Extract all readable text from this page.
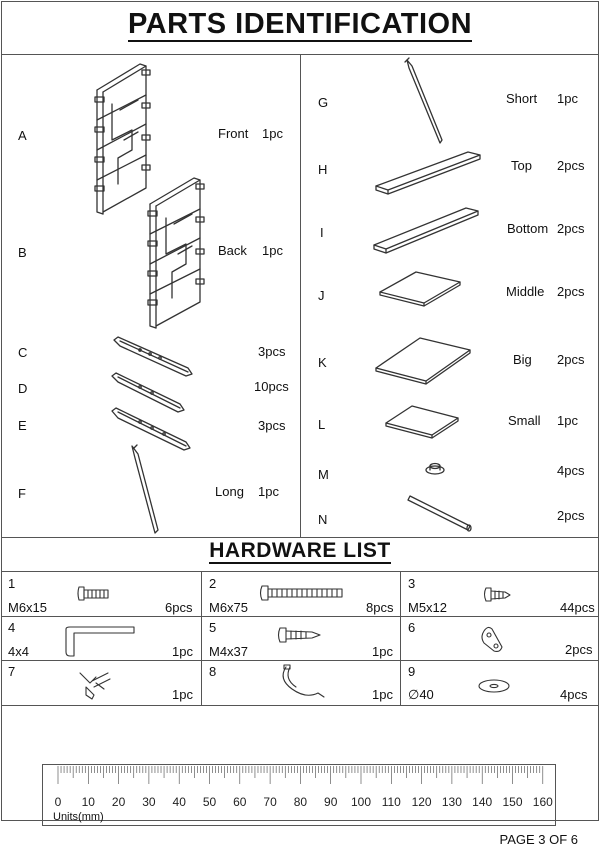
PARTS IDENTIFICATION
HARDWARE LIST
A	Front 1pc
B	Back 1pc
C	3pcs
D	10pcs
E	3pcs
F	Long 1pc
G	Short 1pc
H	Top 2pcs
I	Bottom 2pcs
J	Middle 2pcs
K	Big 2pcs
L	Small 1pc
M	4pcs
N	2pcs
1
M6x15	6pcs
2
M6x75	8pcs
3
M5x12	44pcs
4
4x4	1pc
5
M4x37	1pc
6
2pcs
7
1pc
8
1pc
9
∅40	4pcs
0 10 20 30 40 50 60 70 80 90 100 110 120 130 140 150 160
Units(mm)
PAGE 3 OF 6
